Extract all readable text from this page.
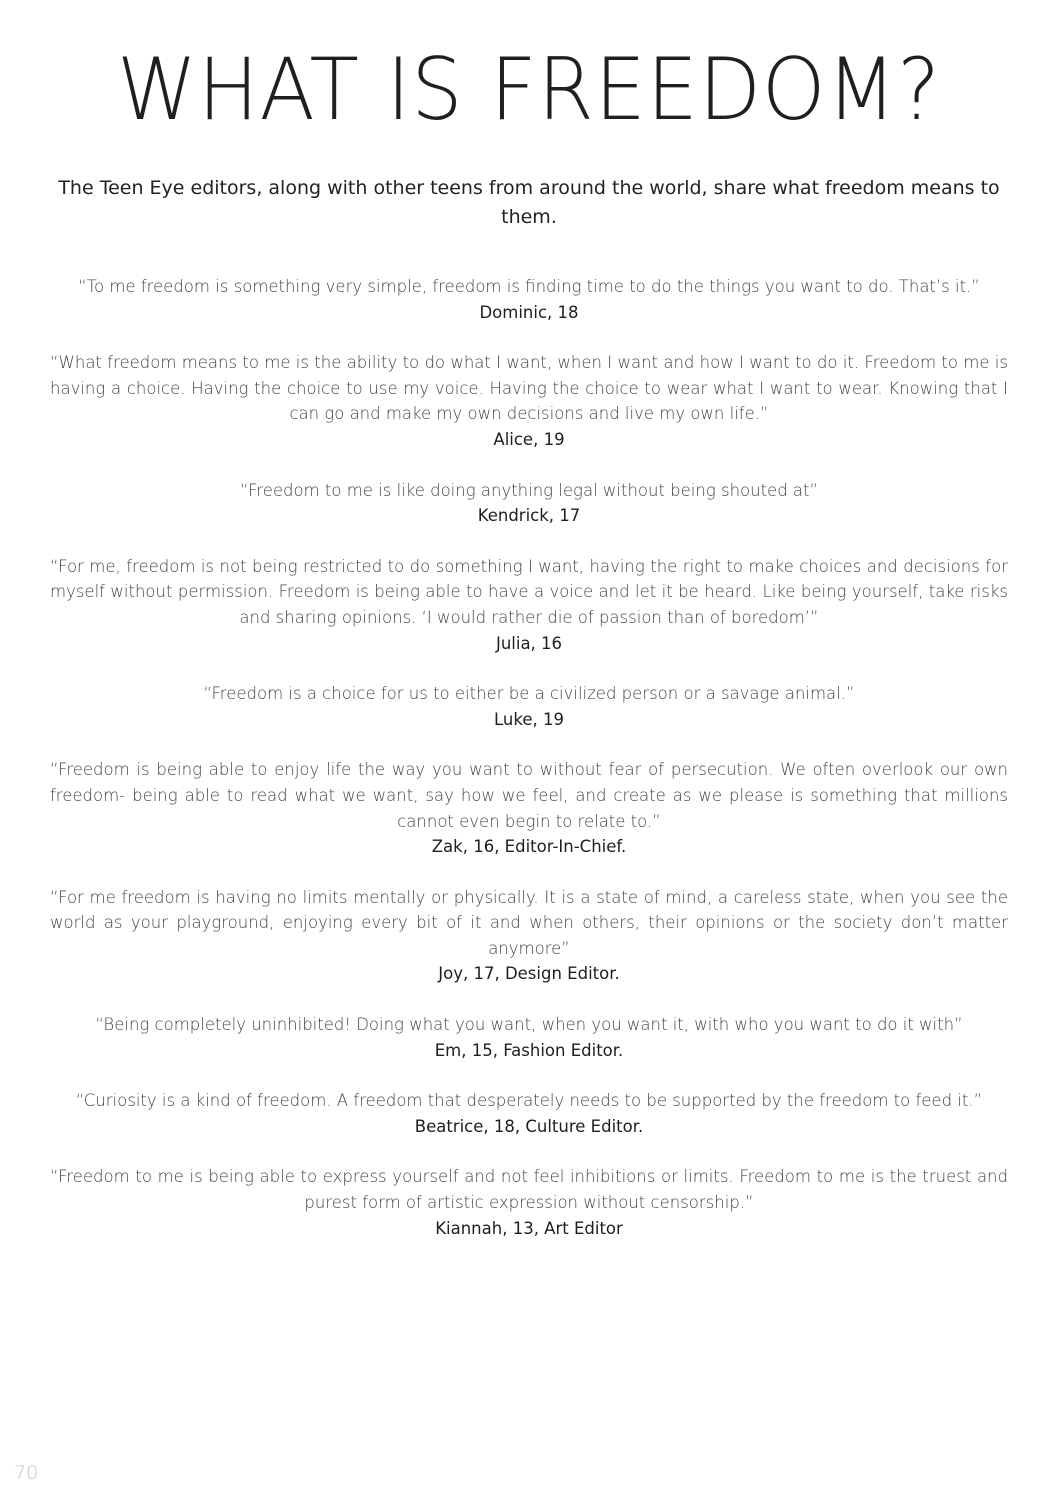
WHAT IS FREEDOM?

The Teen Eye editors, along with other teens from around the world, share what freedom means to them.

“To me freedom is something very simple, freedom is finding time to do the things you want to do. That’s it.”

Dominic, 18

“What freedom means to me is the ability to do what I want, when I want and how I want to do it. Freedom to me is having a choice. Having the choice to use my voice. Having the choice to wear what I want to wear. Knowing that I can go and make my own decisions and live my own life.”

Alice, 19

“Freedom to me is like doing anything legal without being shouted at”

Kendrick, 17

“For me, freedom is not being restricted to do something I want, having the right to make choices and decisions for myself without permission. Freedom is being able to have a voice and let it be heard. Like being yourself, take risks and sharing opinions. ‘I would rather die of passion than of boredom’”

Julia, 16

“Freedom is a choice for us to either be a civilized person or a savage animal.”

Luke, 19

“Freedom is being able to enjoy life the way you want to without fear of persecution. We often overlook our own freedom- being able to read what we want, say how we feel, and create as we please is something that millions cannot even begin to relate to.”

Zak, 16, Editor-In-Chief.

“For me freedom is having no limits mentally or physically. It is a state of mind, a careless state, when you see the world as your playground, enjoying every bit of it and when others, their opinions or the society don’t matter anymore”

Joy, 17, Design Editor.

“Being completely uninhibited! Doing what you want, when you want it, with who you want to do it with”

Em, 15, Fashion Editor.

“Curiosity is a kind of freedom. A freedom that desperately needs to be supported by the freedom to feed it.”

Beatrice, 18, Culture Editor.

“Freedom to me is being able to express yourself and not feel inhibitions or limits. Freedom to me is the truest and purest form of artistic expression without censorship.”

Kiannah, 13, Art Editor

70
